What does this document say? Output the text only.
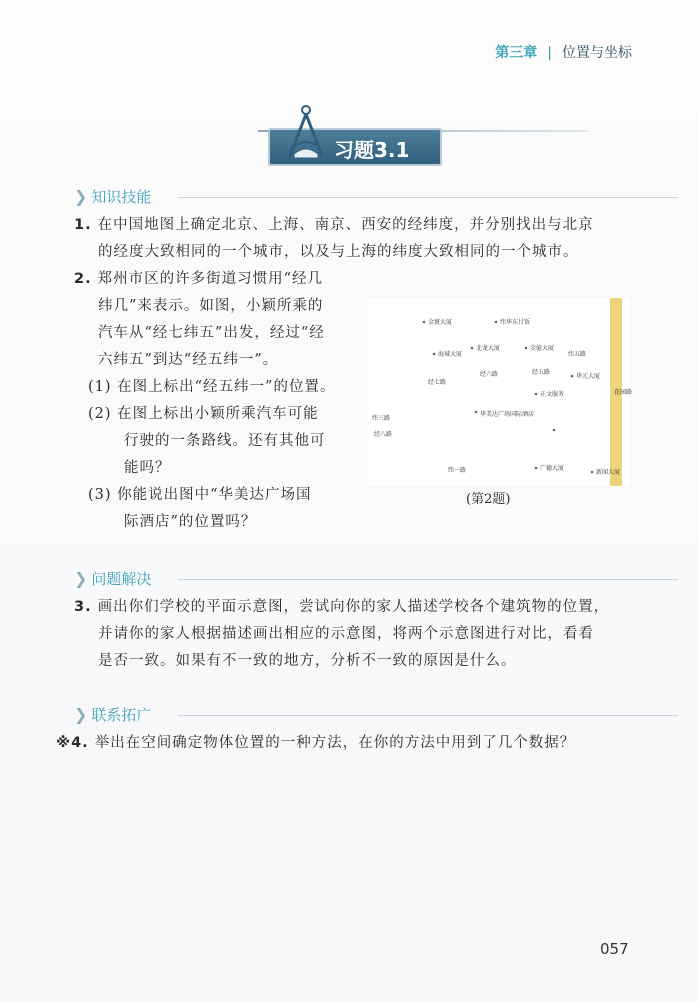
第三章 | 位置与坐标
习题3.1
❯ 知识技能
1. 在中国地图上确定北京、上海、南京、西安的经纬度，并分别找出与北京
的经度大致相同的一个城市，以及与上海的纬度大致相同的一个城市。
2. 郑州市区的许多街道习惯用“经几
纬几”来表示。如图，小颖所乘的
汽车从“经七纬五”出发，经过“经
六纬五”到达“经五纬一”。
(1) 在图上标出“经五纬一”的位置。
(2) 在图上标出小颖所乘汽车可能
行驶的一条路线。还有其他可
能吗？
(3) 你能说出图中“华美达广场国
际酒店”的位置吗？
金貿大厦	纬华东甘饭
海城大厦
北龙大厦	金億大厦
纬五路
华元大厦
经七路
经六路	经五路
正文服务
华美达广场国际酒店
纬三路
经八路
纬一路	广德大厦
新闻大厦
花园路
(第2题)
❯ 问题解决
3. 画出你们学校的平面示意图，尝试向你的家人描述学校各个建筑物的位置，
并请你的家人根据描述画出相应的示意图，将两个示意图进行对比，看看
是否一致。如果有不一致的地方，分析不一致的原因是什么。
❯ 联系拓广
※4. 举出在空间确定物体位置的一种方法，在你的方法中用到了几个数据？
057
